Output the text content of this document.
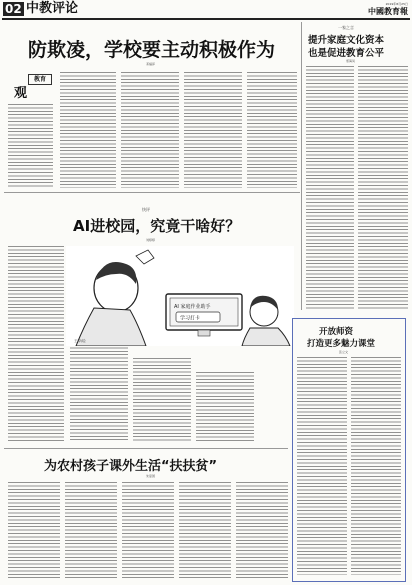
02 中教评论	2019年8月25日
中國教育報
防欺凌，学校要主动积极作为
邓福泽
教育
观
一家之言
提升家庭文化资本
也是促进教育公平
邢海凤
快评
AI进校园，究竟干啥好？
刘婷婷
AI 家庭作业助手
学习打卡
王铎/绘
开放师资
打造更多魅力课堂
张立文
为农村孩子课外生活“扶扶贫”
朱爱国
